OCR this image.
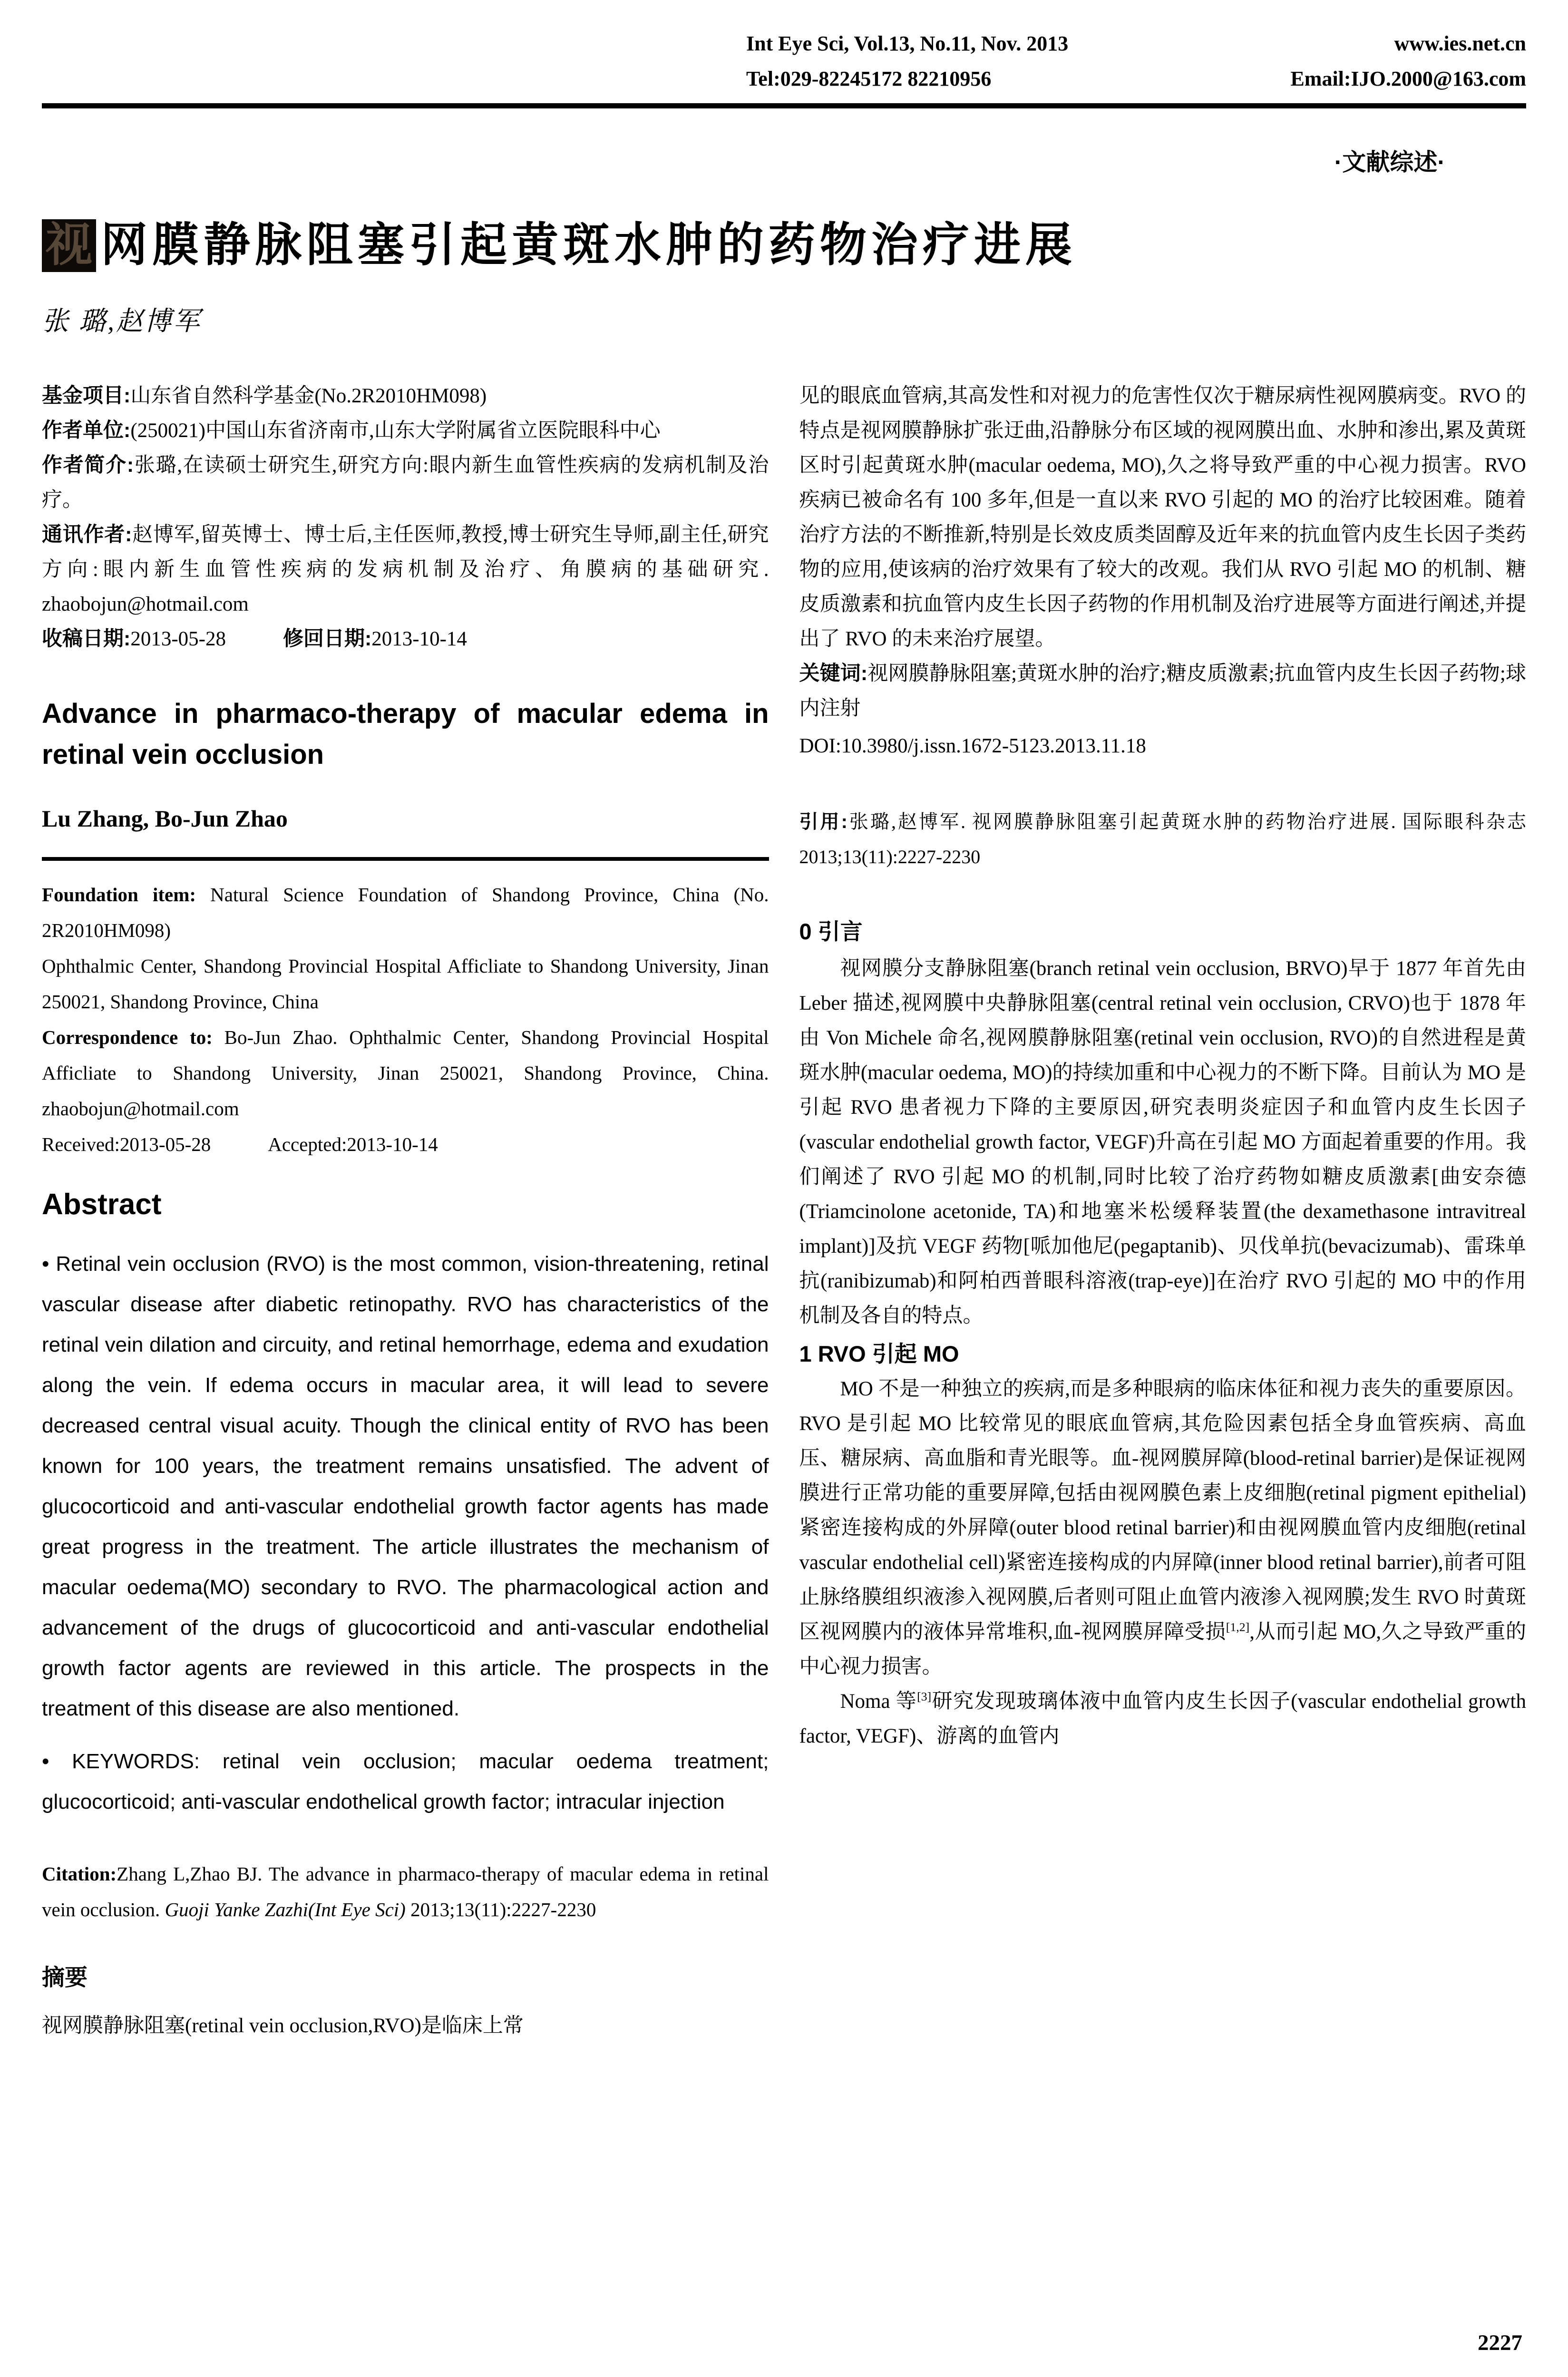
Int Eye Sci, Vol.13, No.11, Nov. 2013	www.ies.net.cn
Tel:029-82245172 82210956	Email:IJO.2000@163.com
·文献综述·
视 网膜静脉阻塞引起黄斑水肿的药物治疗进展
张 璐,赵博军

基金项目:山东省自然科学基金(No.2R2010HM098)

作者单位:(250021)中国山东省济南市,山东大学附属省立医院眼科中心

作者简介:张璐,在读硕士研究生,研究方向:眼内新生血管性疾病的发病机制及治疗。

通讯作者:赵博军,留英博士、博士后,主任医师,教授,博士研究生导师,副主任,研究方向:眼内新生血管性疾病的发病机制及治疗、角膜病的基础研究. zhaobojun@hotmail.com

收稿日期:2013-05-28	修回日期:2013-10-14

Advance in pharmaco-therapy of macular edema in retinal vein occlusion
Lu Zhang, Bo-Jun Zhao

Foundation item: Natural Science Foundation of Shandong Province, China (No. 2R2010HM098)

Ophthalmic Center, Shandong Provincial Hospital Afficliate to Shandong University, Jinan 250021, Shandong Province, China

Correspondence to: Bo-Jun Zhao. Ophthalmic Center, Shandong Provincial Hospital Afficliate to Shandong University, Jinan 250021, Shandong Province, China. zhaobojun@hotmail.com

Received:2013-05-28	Accepted:2013-10-14

Abstract

• Retinal vein occlusion (RVO) is the most common, vision-threatening, retinal vascular disease after diabetic retinopathy. RVO has characteristics of the retinal vein dilation and circuity, and retinal hemorrhage, edema and exudation along the vein. If edema occurs in macular area, it will lead to severe decreased central visual acuity. Though the clinical entity of RVO has been known for 100 years, the treatment remains unsatisfied. The advent of glucocorticoid and anti-vascular endothelial growth factor agents has made great progress in the treatment. The article illustrates the mechanism of macular oedema(MO) secondary to RVO. The pharmacological action and advancement of the drugs of glucocorticoid and anti-vascular endothelial growth factor agents are reviewed in this article. The prospects in the treatment of this disease are also mentioned.

• KEYWORDS: retinal vein occlusion; macular oedema treatment; glucocorticoid; anti-vascular endothelical growth factor; intracular injection

Citation:Zhang L,Zhao BJ. The advance in pharmaco-therapy of macular edema in retinal vein occlusion. Guoji Yanke Zazhi(Int Eye Sci) 2013;13(11):2227-2230

摘要

视网膜静脉阻塞(retinal vein occlusion,RVO)是临床上常

见的眼底血管病,其高发性和对视力的危害性仅次于糖尿病性视网膜病变。RVO 的特点是视网膜静脉扩张迂曲,沿静脉分布区域的视网膜出血、水肿和渗出,累及黄斑区时引起黄斑水肿(macular oedema, MO),久之将导致严重的中心视力损害。RVO 疾病已被命名有 100 多年,但是一直以来 RVO 引起的 MO 的治疗比较困难。随着治疗方法的不断推新,特别是长效皮质类固醇及近年来的抗血管内皮生长因子类药物的应用,使该病的治疗效果有了较大的改观。我们从 RVO 引起 MO 的机制、糖皮质激素和抗血管内皮生长因子药物的作用机制及治疗进展等方面进行阐述,并提出了 RVO 的未来治疗展望。

关键词:视网膜静脉阻塞;黄斑水肿的治疗;糖皮质激素;抗血管内皮生长因子药物;球内注射

DOI:10.3980/j.issn.1672-5123.2013.11.18

引用:张璐,赵博军. 视网膜静脉阻塞引起黄斑水肿的药物治疗进展. 国际眼科杂志 2013;13(11):2227-2230

0 引言

视网膜分支静脉阻塞(branch retinal vein occlusion, BRVO)早于 1877 年首先由 Leber 描述,视网膜中央静脉阻塞(central retinal vein occlusion, CRVO)也于 1878 年由 Von Michele 命名,视网膜静脉阻塞(retinal vein occlusion, RVO)的自然进程是黄斑水肿(macular oedema, MO)的持续加重和中心视力的不断下降。目前认为 MO 是引起 RVO 患者视力下降的主要原因,研究表明炎症因子和血管内皮生长因子(vascular endothelial growth factor, VEGF)升高在引起 MO 方面起着重要的作用。我们阐述了 RVO 引起 MO 的机制,同时比较了治疗药物如糖皮质激素[曲安奈德(Triamcinolone acetonide, TA)和地塞米松缓释装置(the dexamethasone intravitreal implant)]及抗 VEGF 药物[哌加他尼(pegaptanib)、贝伐单抗(bevacizumab)、雷珠单抗(ranibizumab)和阿柏西普眼科溶液(trap-eye)]在治疗 RVO 引起的 MO 中的作用机制及各自的特点。

1 RVO 引起 MO

MO 不是一种独立的疾病,而是多种眼病的临床体征和视力丧失的重要原因。RVO 是引起 MO 比较常见的眼底血管病,其危险因素包括全身血管疾病、高血压、糖尿病、高血脂和青光眼等。血-视网膜屏障(blood-retinal barrier)是保证视网膜进行正常功能的重要屏障,包括由视网膜色素上皮细胞(retinal pigment epithelial)紧密连接构成的外屏障(outer blood retinal barrier)和由视网膜血管内皮细胞(retinal vascular endothelial cell)紧密连接构成的内屏障(inner blood retinal barrier),前者可阻止脉络膜组织液渗入视网膜,后者则可阻止血管内液渗入视网膜;发生 RVO 时黄斑区视网膜内的液体异常堆积,血-视网膜屏障受损[1,2],从而引起 MO,久之导致严重的中心视力损害。

Noma 等[3]研究发现玻璃体液中血管内皮生长因子(vascular endothelial growth factor, VEGF)、游离的血管内

2227
